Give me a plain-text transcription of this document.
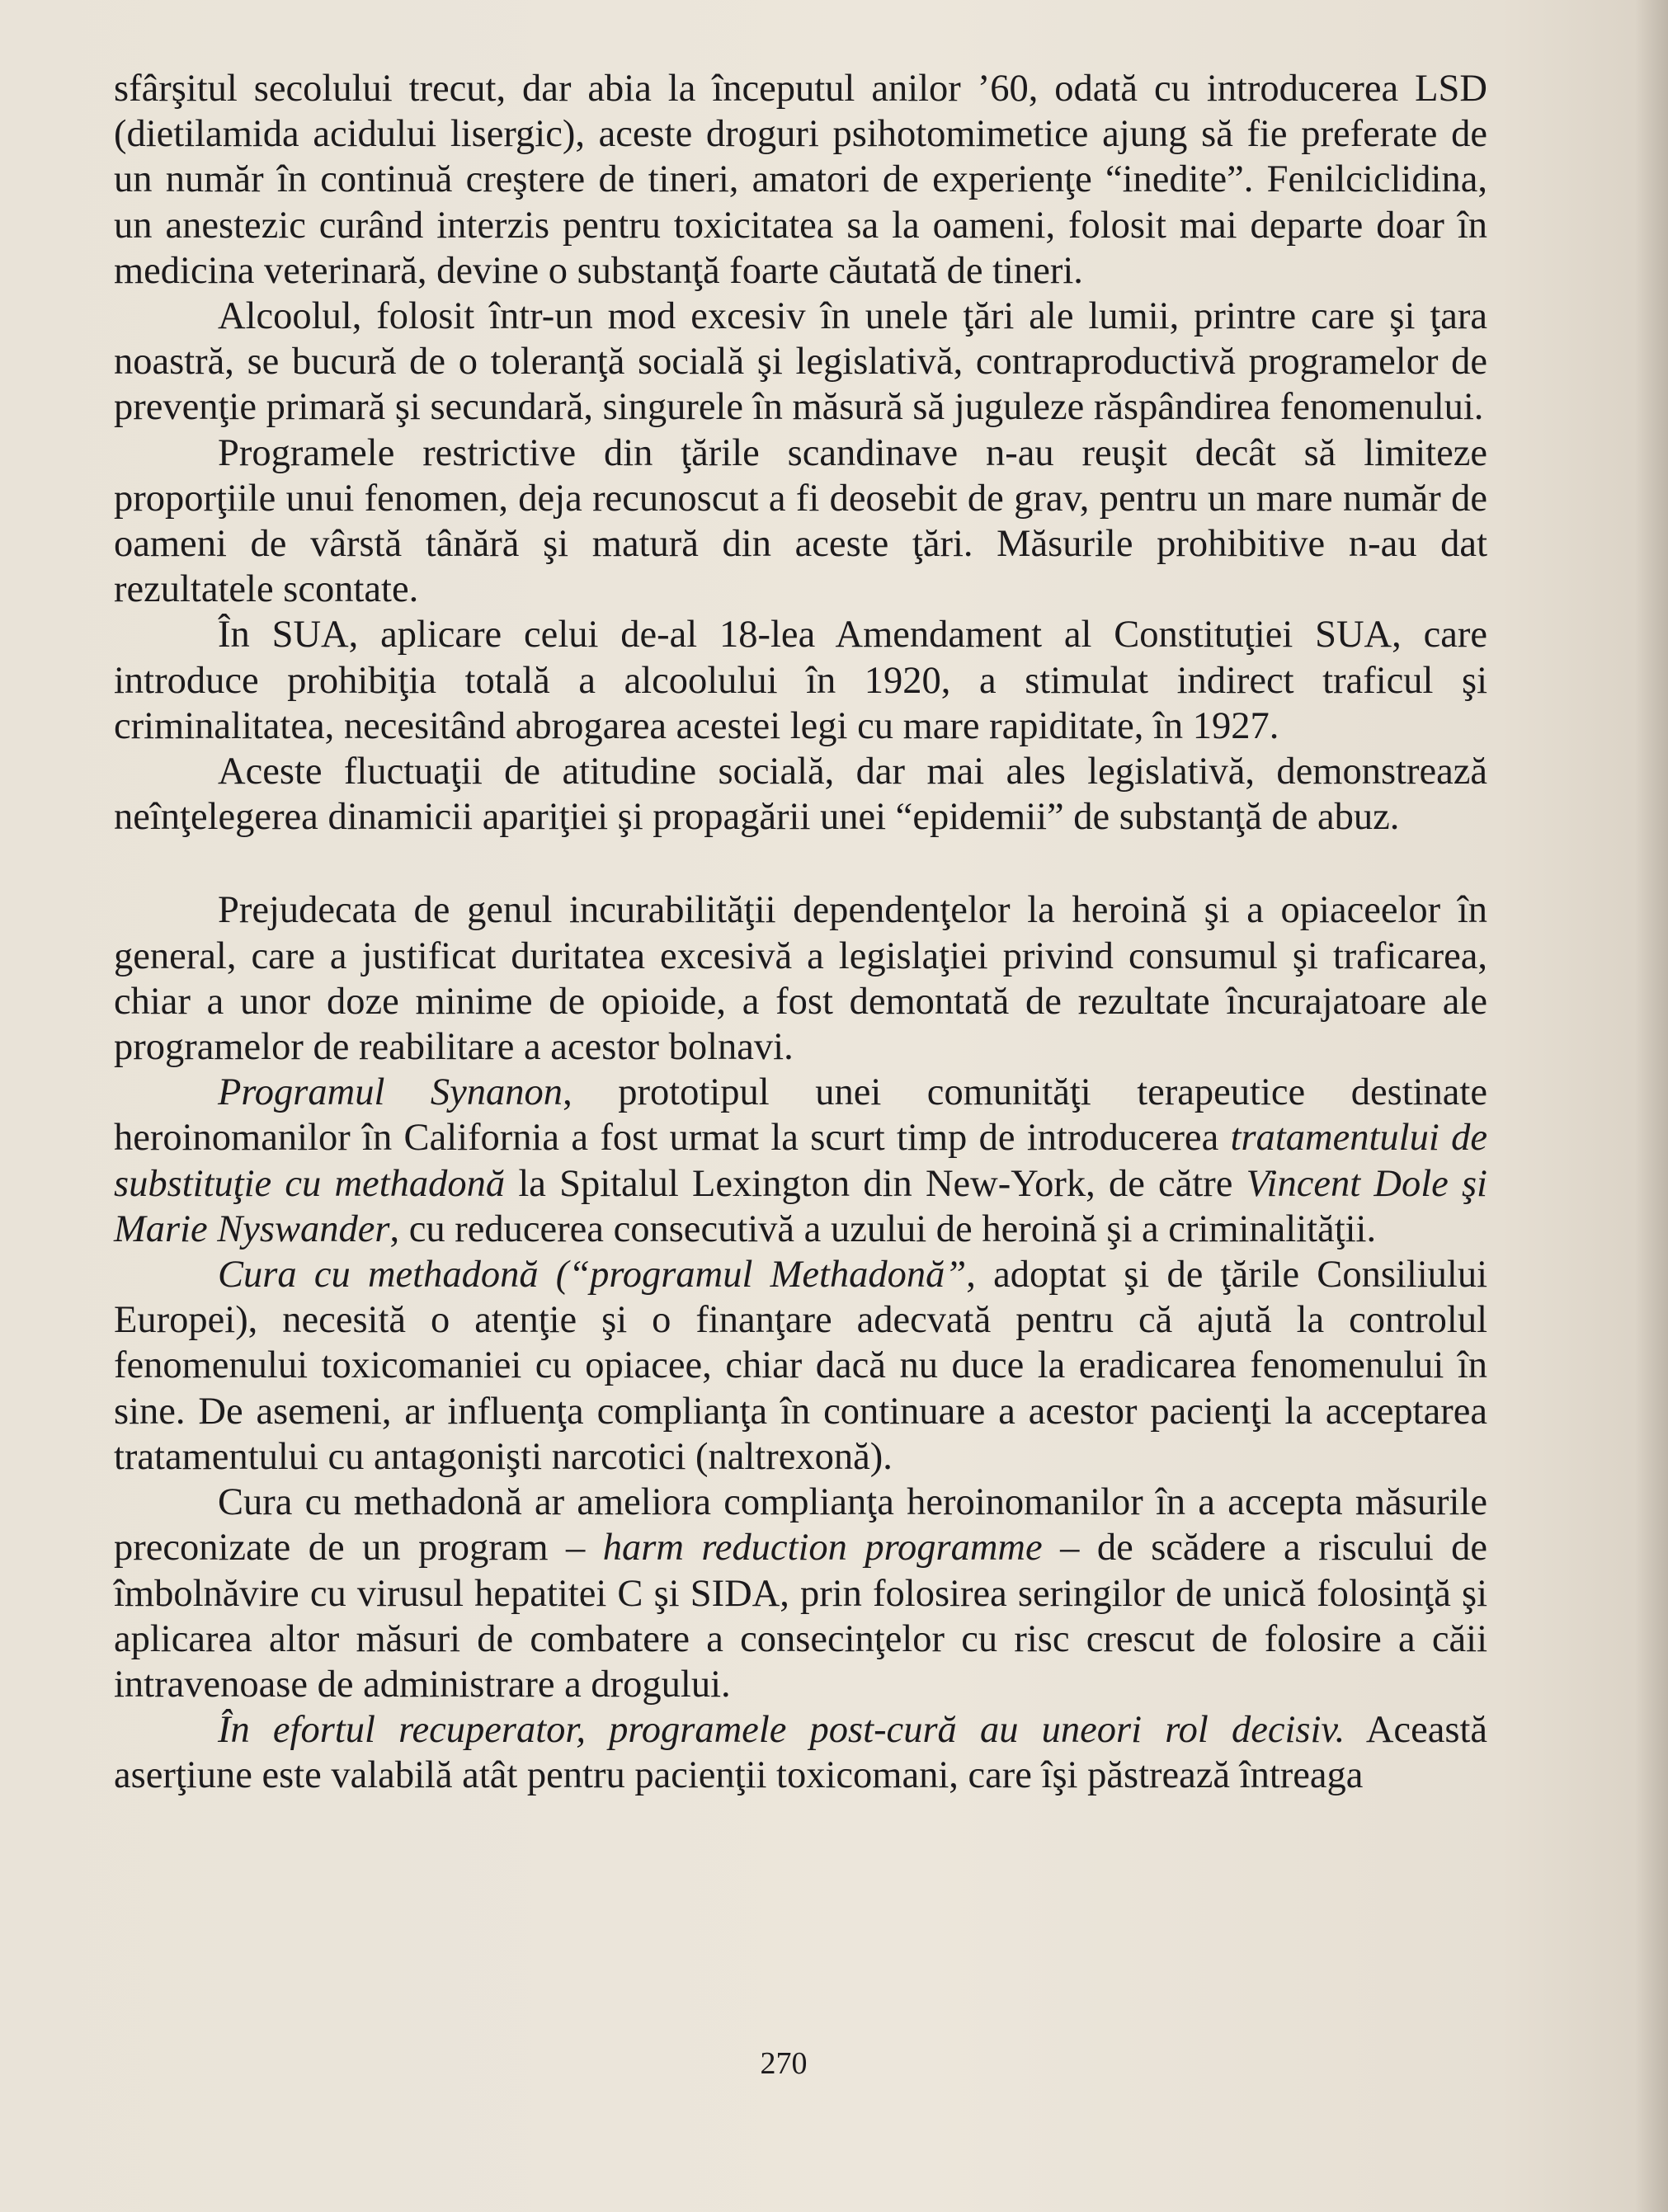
sfârşitul secolului trecut, dar abia la începutul anilor ’60, odată cu introducerea LSD (dietilamida acidului lisergic), aceste droguri psihotomimetice ajung să fie preferate de un număr în continuă creştere de tineri, amatori de experienţe “inedite”. Fenilciclidina, un anestezic curând interzis pentru toxicitatea sa la oameni, folosit mai departe doar în medicina veterinară, devine o substanţă foarte căutată de tineri.

Alcoolul, folosit într-un mod excesiv în unele ţări ale lumii, printre care şi ţara noastră, se bucură de o toleranţă socială şi legislativă, contraproductivă programelor de prevenţie primară şi secundară, singurele în măsură să juguleze răspândirea fenomenului.

Programele restrictive din ţările scandinave n-au reuşit decât să limiteze proporţiile unui fenomen, deja recunoscut a fi deosebit de grav, pentru un mare număr de oameni de vârstă tânără şi matură din aceste ţări. Măsurile prohibitive n-au dat rezultatele scontate.

În SUA, aplicare celui de-al 18-lea Amendament al Constituţiei SUA, care introduce prohibiţia totală a alcoolului în 1920, a stimulat indirect traficul şi criminalitatea, necesitând abrogarea acestei legi cu mare rapiditate, în 1927.

Aceste fluctuaţii de atitudine socială, dar mai ales legislativă, demonstrează neînţelegerea dinamicii apariţiei şi propagării unei “epidemii” de substanţă de abuz.

Prejudecata de genul incurabilităţii dependenţelor la heroină şi a opiaceelor în general, care a justificat duritatea excesivă a legislaţiei privind consumul şi traficarea, chiar a unor doze minime de opioide, a fost demontată de rezultate încurajatoare ale programelor de reabilitare a acestor bolnavi.

Programul Synanon, prototipul unei comunităţi terapeutice destinate heroinomanilor în California a fost urmat la scurt timp de introducerea tratamentului de substituţie cu methadonă la Spitalul Lexington din New-York, de către Vincent Dole şi Marie Nyswander, cu reducerea consecutivă a uzului de heroină şi a criminalităţii.

Cura cu methadonă (“programul Methadonă”, adoptat şi de ţările Consiliului Europei), necesită o atenţie şi o finanţare adecvată pentru că ajută la controlul fenomenului toxicomaniei cu opiacee, chiar dacă nu duce la eradicarea fenomenului în sine. De asemeni, ar influenţa complianţa în continuare a acestor pacienţi la acceptarea tratamentului cu antagonişti narcotici (naltrexonă).

Cura cu methadonă ar ameliora complianţa heroinomanilor în a accepta măsurile preconizate de un program – harm reduction programme – de scădere a riscului de îmbolnăvire cu virusul hepatitei C şi SIDA, prin folosirea seringilor de unică folosinţă şi aplicarea altor măsuri de combatere a consecinţelor cu risc crescut de folosire a căii intravenoase de administrare a drogului.

În efortul recuperator, programele post-cură au uneori rol decisiv. Această aserţiune este valabilă atât pentru pacienţii toxicomani, care îşi păstrează întreaga

270
